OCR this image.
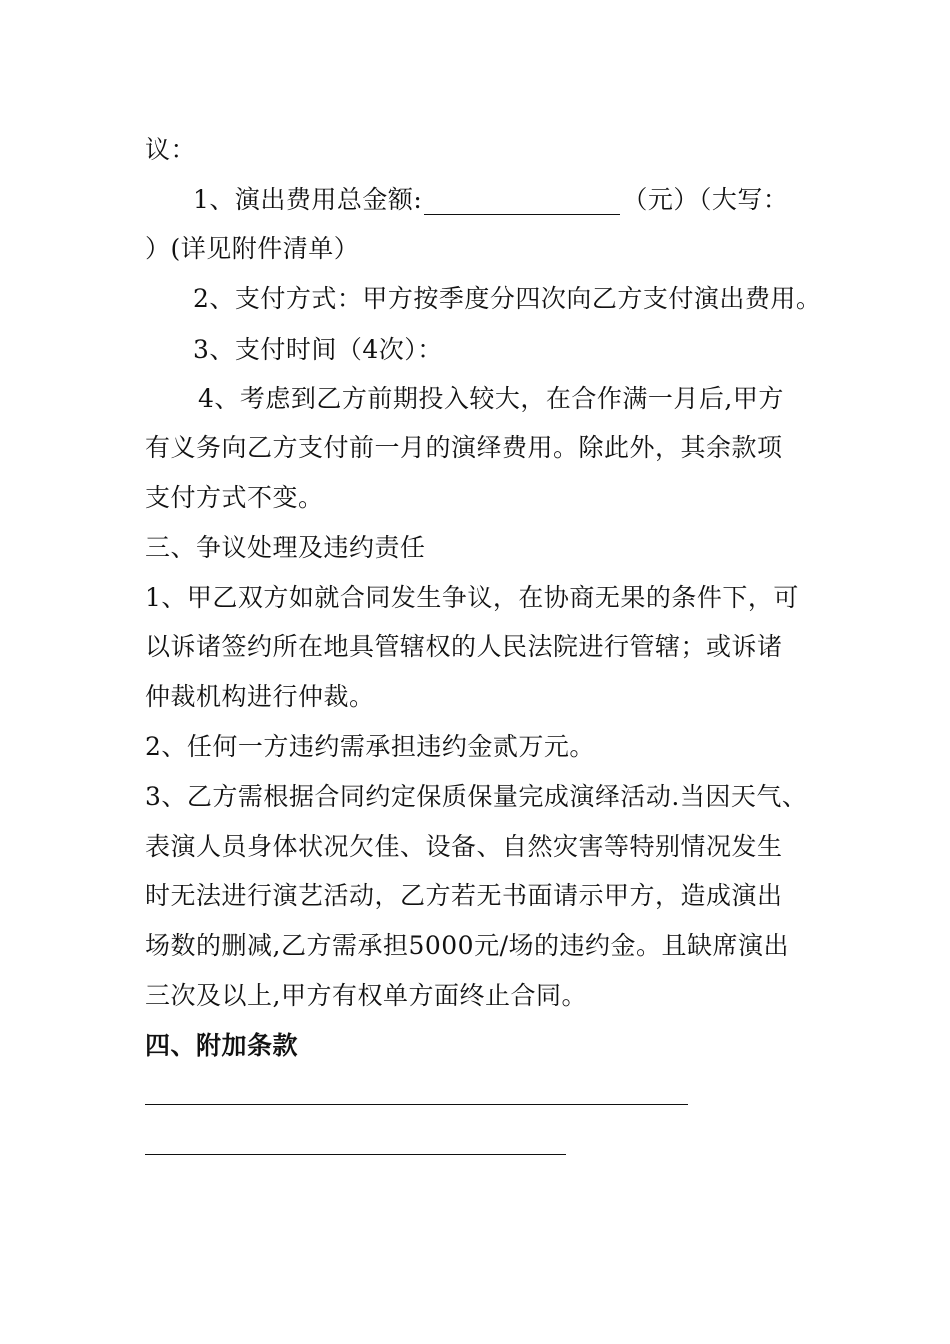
议：
1、演出费用总金额:	（元）（大写：
）(详见附件清单）
2、支付方式：甲方按季度分四次向乙方支付演出费用。
3、支付时间（4次）：
4、考虑到乙方前期投入较大，在合作满一月后,甲方
有义务向乙方支付前一月的演绎费用。除此外，其余款项
支付方式不变。
三、争议处理及违约责任
1、甲乙双方如就合同发生争议，在协商无果的条件下，可
以诉诸签约所在地具管辖权的人民法院进行管辖；或诉诸
仲裁机构进行仲裁。
2、任何一方违约需承担违约金贰万元。
3、乙方需根据合同约定保质保量完成演绎活动.当因天气、
表演人员身体状况欠佳、设备、自然灾害等特别情况发生
时无法进行演艺活动，乙方若无书面请示甲方，造成演出
场数的删减,乙方需承担5000元/场的违约金。且缺席演出
三次及以上,甲方有权单方面终止合同。
四、附加条款
